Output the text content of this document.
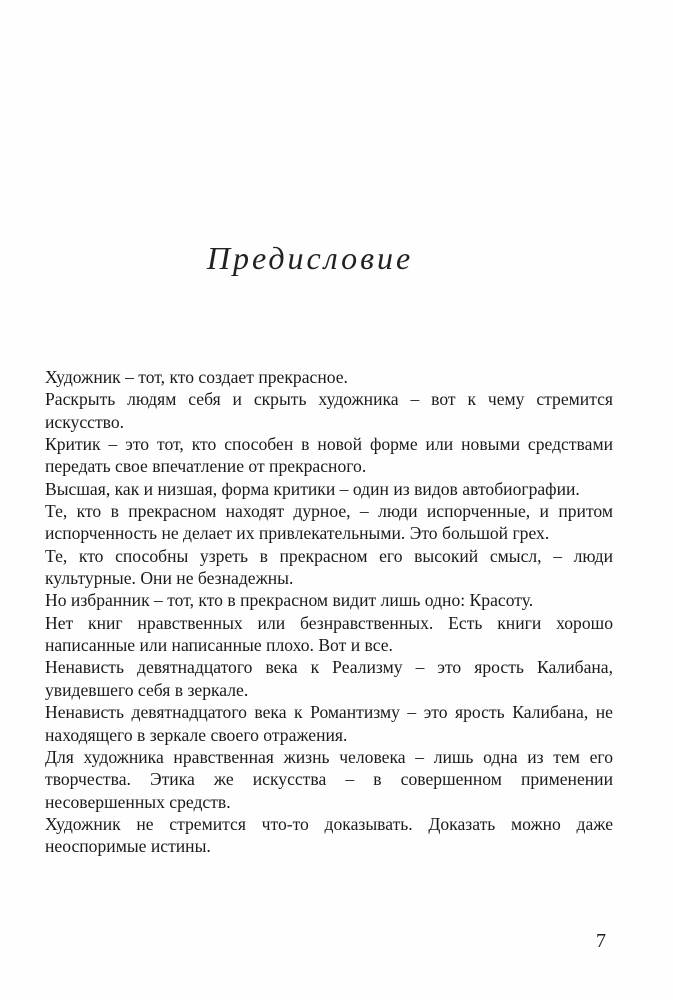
Предисловие

Художник – тот, кто создает прекрасное.

Раскрыть людям себя и скрыть художника – вот к чему стремится искусство.

Критик – это тот, кто способен в новой форме или новыми средствами передать свое впечатление от прекрасного.

Высшая, как и низшая, форма критики – один из видов автобиографии.

Те, кто в прекрасном находят дурное, – люди испорченные, и притом испорченность не делает их привлекательными. Это большой грех.

Те, кто способны узреть в прекрасном его высокий смысл, – люди культурные. Они не безнадежны.

Но избранник – тот, кто в прекрасном видит лишь одно: Красоту.

Нет книг нравственных или безнравственных. Есть книги хорошо написанные или написанные плохо. Вот и все.

Ненависть девятнадцатого века к Реализму – это ярость Калибана, увидевшего себя в зеркале.

Ненависть девятнадцатого века к Романтизму – это ярость Калибана, не находящего в зеркале своего отражения.

Для художника нравственная жизнь человека – лишь одна из тем его творчества. Этика же искусства – в совершенном применении несовершенных средств.

Художник не стремится что-то доказывать. Доказать можно даже неоспоримые истины.

7
